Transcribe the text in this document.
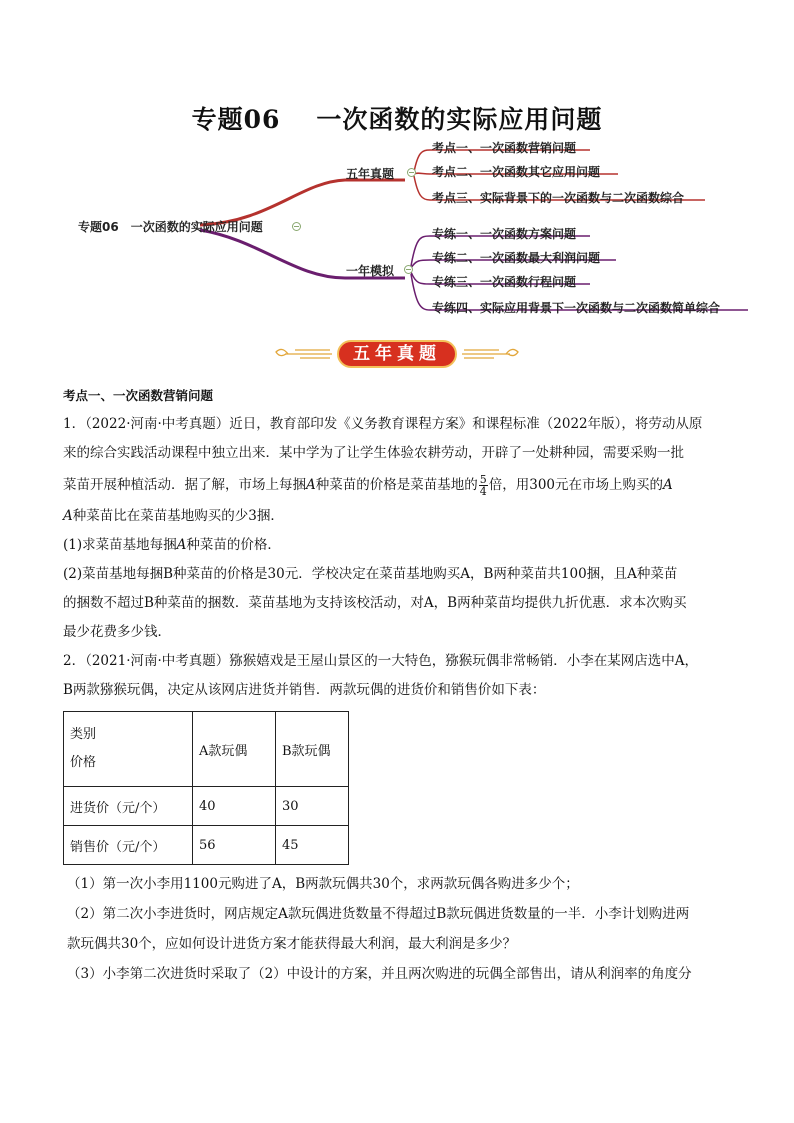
专题06 一次函数的实际应用问题
专题06　一次函数的实际应用问题
五年真题
一年模拟
考点一、一次函数营销问题
考点二、一次函数其它应用问题
考点三、实际背景下的一次函数与二次函数综合
专练一、一次函数方案问题
专练二、一次函数最大利润问题
专练三、一次函数行程问题
专练四、实际应用背景下一次函数与二次函数简单综合
五年真题
考点一、一次函数营销问题

1．（2022·河南·中考真题）近日，教育部印发《义务教育课程方案》和课程标准（2022年版），将劳动从原

来的综合实践活动课程中独立出来．某中学为了让学生体验农耕劳动，开辟了一处耕种园，需要采购一批

菜苗开展种植活动．据了解，市场上每捆A种菜苗的价格是菜苗基地的 $\frac{5}{4}$ 倍，用300元在市场上购买的A

A种菜苗比在菜苗基地购买的少3捆．

(1)求菜苗基地每捆A种菜苗的价格．

(2)菜苗基地每捆B种菜苗的价格是30元．学校决定在菜苗基地购买A，B两种菜苗共100捆，且A种菜苗

的捆数不超过B种菜苗的捆数．菜苗基地为支持该校活动，对A，B两种菜苗均提供九折优惠．求本次购买

最少花费多少钱．

2．（2021·河南·中考真题）猕猴嬉戏是王屋山景区的一大特色，猕猴玩偶非常畅销．小李在某网店选中A，

B两款猕猴玩偶，决定从该网店进货并销售．两款玩偶的进货价和销售价如下表：

类别
价格	A款玩偶	B款玩偶
进货价（元/个）	40	30
销售价（元/个）	56	45

（1）第一次小李用1100元购进了A，B两款玩偶共30个，求两款玩偶各购进多少个；

（2）第二次小李进货时，网店规定A款玩偶进货数量不得超过B款玩偶进货数量的一半．小李计划购进两

款玩偶共30个，应如何设计进货方案才能获得最大利润，最大利润是多少？

（3）小李第二次进货时采取了（2）中设计的方案，并且两次购进的玩偶全部售出，请从利润率的角度分
